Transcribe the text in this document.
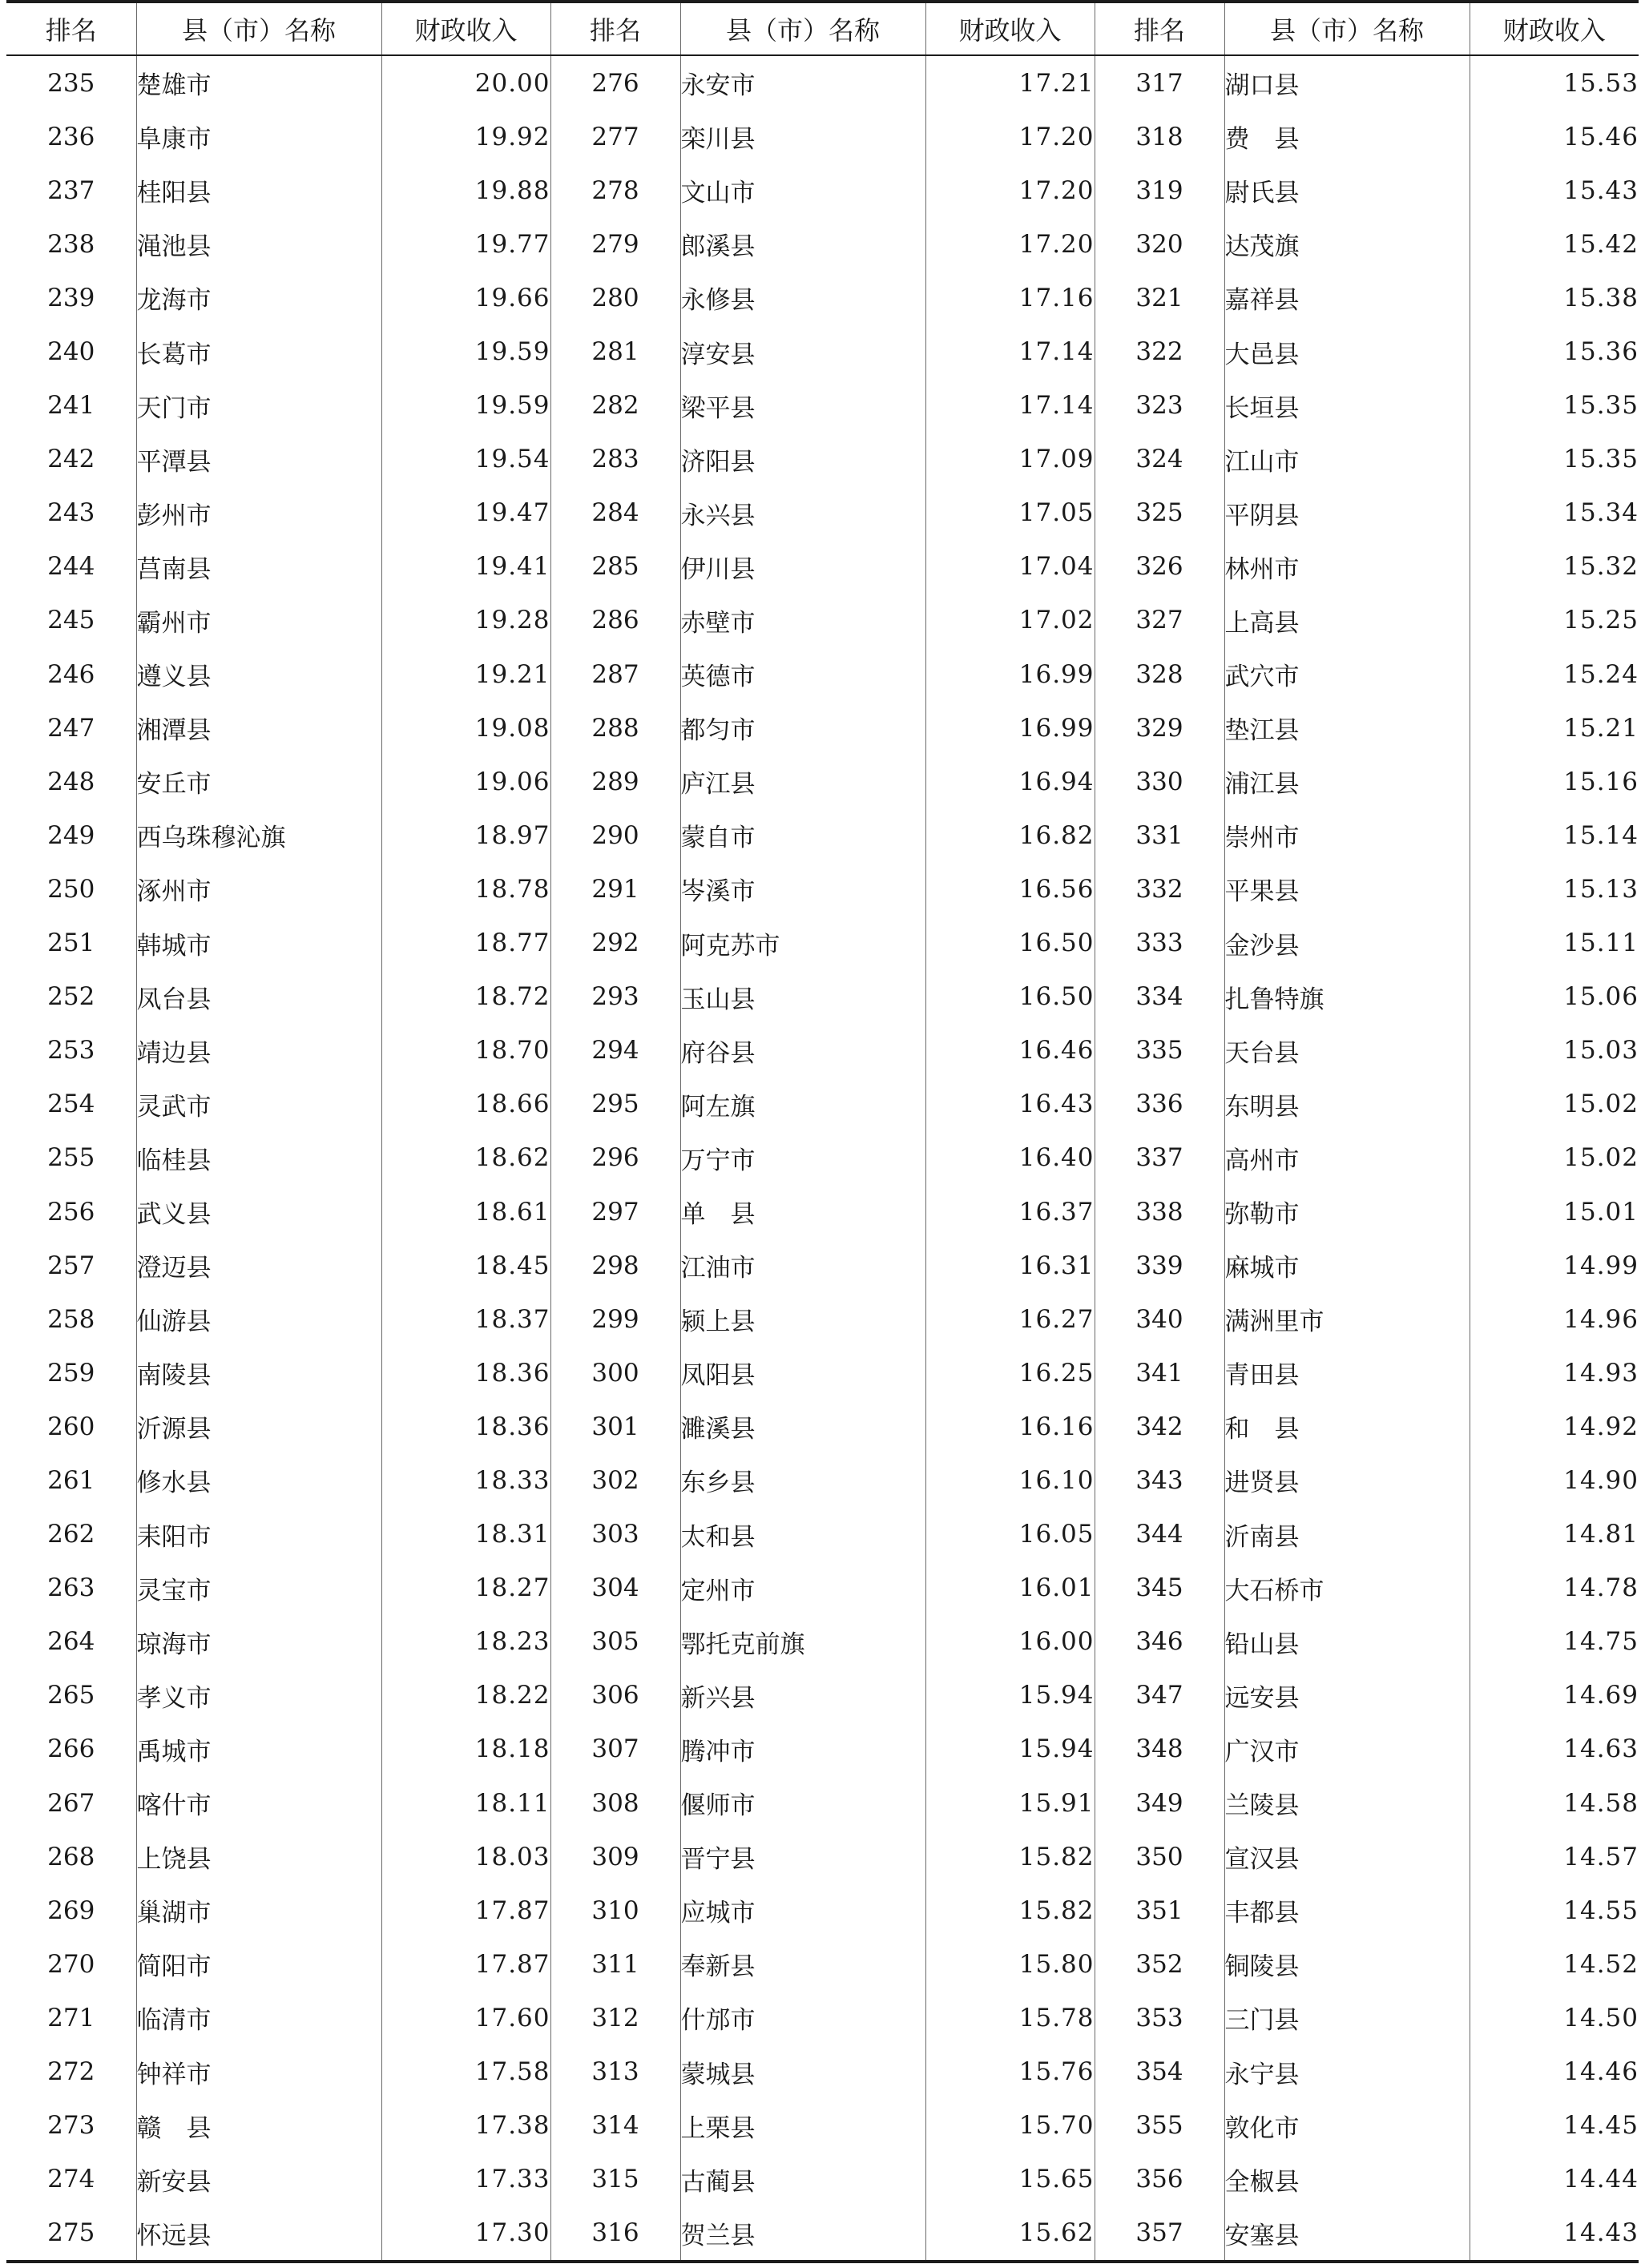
排名	县（市）名称	财政收入	排名	县（市）名称	财政收入	排名	县（市）名称	财政收入
235	楚雄市	20.00	276	永安市	17.21	317	湖口县	15.53
236	阜康市	19.92	277	栾川县	17.20	318	费　县	15.46
237	桂阳县	19.88	278	文山市	17.20	319	尉氏县	15.43
238	渑池县	19.77	279	郎溪县	17.20	320	达茂旗	15.42
239	龙海市	19.66	280	永修县	17.16	321	嘉祥县	15.38
240	长葛市	19.59	281	淳安县	17.14	322	大邑县	15.36
241	天门市	19.59	282	梁平县	17.14	323	长垣县	15.35
242	平潭县	19.54	283	济阳县	17.09	324	江山市	15.35
243	彭州市	19.47	284	永兴县	17.05	325	平阴县	15.34
244	莒南县	19.41	285	伊川县	17.04	326	林州市	15.32
245	霸州市	19.28	286	赤壁市	17.02	327	上高县	15.25
246	遵义县	19.21	287	英德市	16.99	328	武穴市	15.24
247	湘潭县	19.08	288	都匀市	16.99	329	垫江县	15.21
248	安丘市	19.06	289	庐江县	16.94	330	浦江县	15.16
249	西乌珠穆沁旗	18.97	290	蒙自市	16.82	331	崇州市	15.14
250	涿州市	18.78	291	岑溪市	16.56	332	平果县	15.13
251	韩城市	18.77	292	阿克苏市	16.50	333	金沙县	15.11
252	凤台县	18.72	293	玉山县	16.50	334	扎鲁特旗	15.06
253	靖边县	18.70	294	府谷县	16.46	335	天台县	15.03
254	灵武市	18.66	295	阿左旗	16.43	336	东明县	15.02
255	临桂县	18.62	296	万宁市	16.40	337	高州市	15.02
256	武义县	18.61	297	单　县	16.37	338	弥勒市	15.01
257	澄迈县	18.45	298	江油市	16.31	339	麻城市	14.99
258	仙游县	18.37	299	颍上县	16.27	340	满洲里市	14.96
259	南陵县	18.36	300	凤阳县	16.25	341	青田县	14.93
260	沂源县	18.36	301	濉溪县	16.16	342	和　县	14.92
261	修水县	18.33	302	东乡县	16.10	343	进贤县	14.90
262	耒阳市	18.31	303	太和县	16.05	344	沂南县	14.81
263	灵宝市	18.27	304	定州市	16.01	345	大石桥市	14.78
264	琼海市	18.23	305	鄂托克前旗	16.00	346	铅山县	14.75
265	孝义市	18.22	306	新兴县	15.94	347	远安县	14.69
266	禹城市	18.18	307	腾冲市	15.94	348	广汉市	14.63
267	喀什市	18.11	308	偃师市	15.91	349	兰陵县	14.58
268	上饶县	18.03	309	晋宁县	15.82	350	宣汉县	14.57
269	巢湖市	17.87	310	应城市	15.82	351	丰都县	14.55
270	简阳市	17.87	311	奉新县	15.80	352	铜陵县	14.52
271	临清市	17.60	312	什邡市	15.78	353	三门县	14.50
272	钟祥市	17.58	313	蒙城县	15.76	354	永宁县	14.46
273	赣　县	17.38	314	上栗县	15.70	355	敦化市	14.45
274	新安县	17.33	315	古蔺县	15.65	356	全椒县	14.44
275	怀远县	17.30	316	贺兰县	15.62	357	安塞县	14.43
